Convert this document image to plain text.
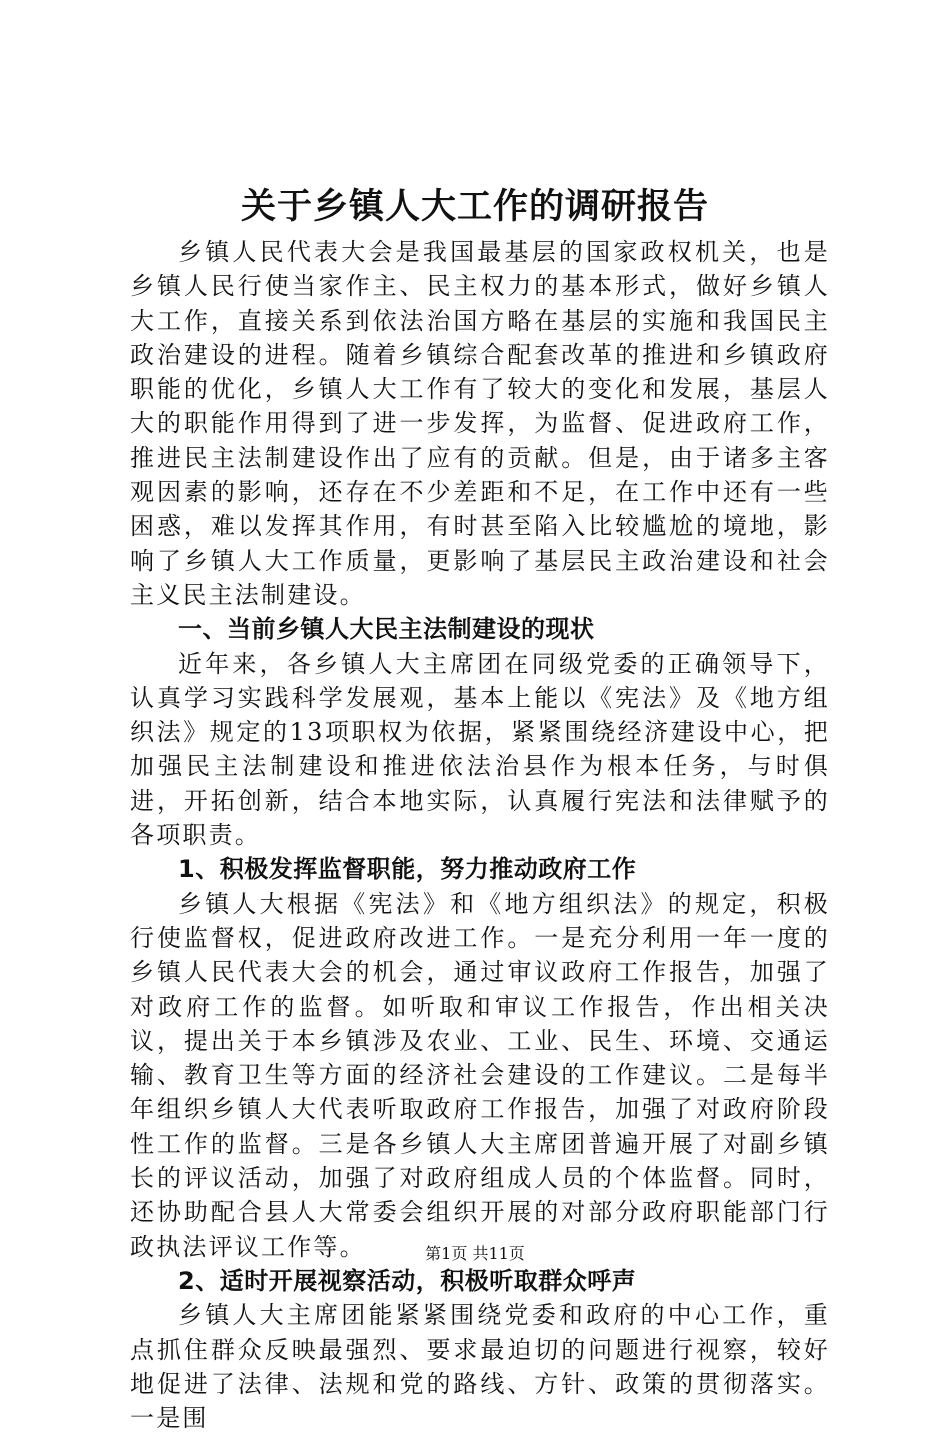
关于乡镇人大工作的调研报告

乡镇人民代表大会是我国最基层的国家政权机关，也是乡镇人民行使当家作主、民主权力的基本形式，做好乡镇人大工作，直接关系到依法治国方略在基层的实施和我国民主政治建设的进程。随着乡镇综合配套改革的推进和乡镇政府职能的优化，乡镇人大工作有了较大的变化和发展，基层人大的职能作用得到了进一步发挥，为监督、促进政府工作，推进民主法制建设作出了应有的贡献。但是，由于诸多主客观因素的影响，还存在不少差距和不足，在工作中还有一些困惑，难以发挥其作用，有时甚至陷入比较尴尬的境地，影响了乡镇人大工作质量，更影响了基层民主政治建设和社会主义民主法制建设。

一、当前乡镇人大民主法制建设的现状

近年来，各乡镇人大主席团在同级党委的正确领导下，认真学习实践科学发展观，基本上能以《宪法》及《地方组织法》规定的13项职权为依据，紧紧围绕经济建设中心，把加强民主法制建设和推进依法治县作为根本任务，与时俱进，开拓创新，结合本地实际，认真履行宪法和法律赋予的各项职责。

1、积极发挥监督职能，努力推动政府工作

乡镇人大根据《宪法》和《地方组织法》的规定，积极行使监督权，促进政府改进工作。一是充分利用一年一度的乡镇人民代表大会的机会，通过审议政府工作报告，加强了对政府工作的监督。如听取和审议工作报告，作出相关决议，提出关于本乡镇涉及农业、工业、民生、环境、交通运输、教育卫生等方面的经济社会建设的工作建议。二是每半年组织乡镇人大代表听取政府工作报告，加强了对政府阶段性工作的监督。三是各乡镇人大主席团普遍开展了对副乡镇长的评议活动，加强了对政府组成人员的个体监督。同时，还协助配合县人大常委会组织开展的对部分政府职能部门行政执法评议工作等。

2、适时开展视察活动，积极听取群众呼声

乡镇人大主席团能紧紧围绕党委和政府的中心工作，重点抓住群众反映最强烈、要求最迫切的问题进行视察，较好地促进了法律、法规和党的路线、方针、政策的贯彻落实。一是围

第1页 共11页
